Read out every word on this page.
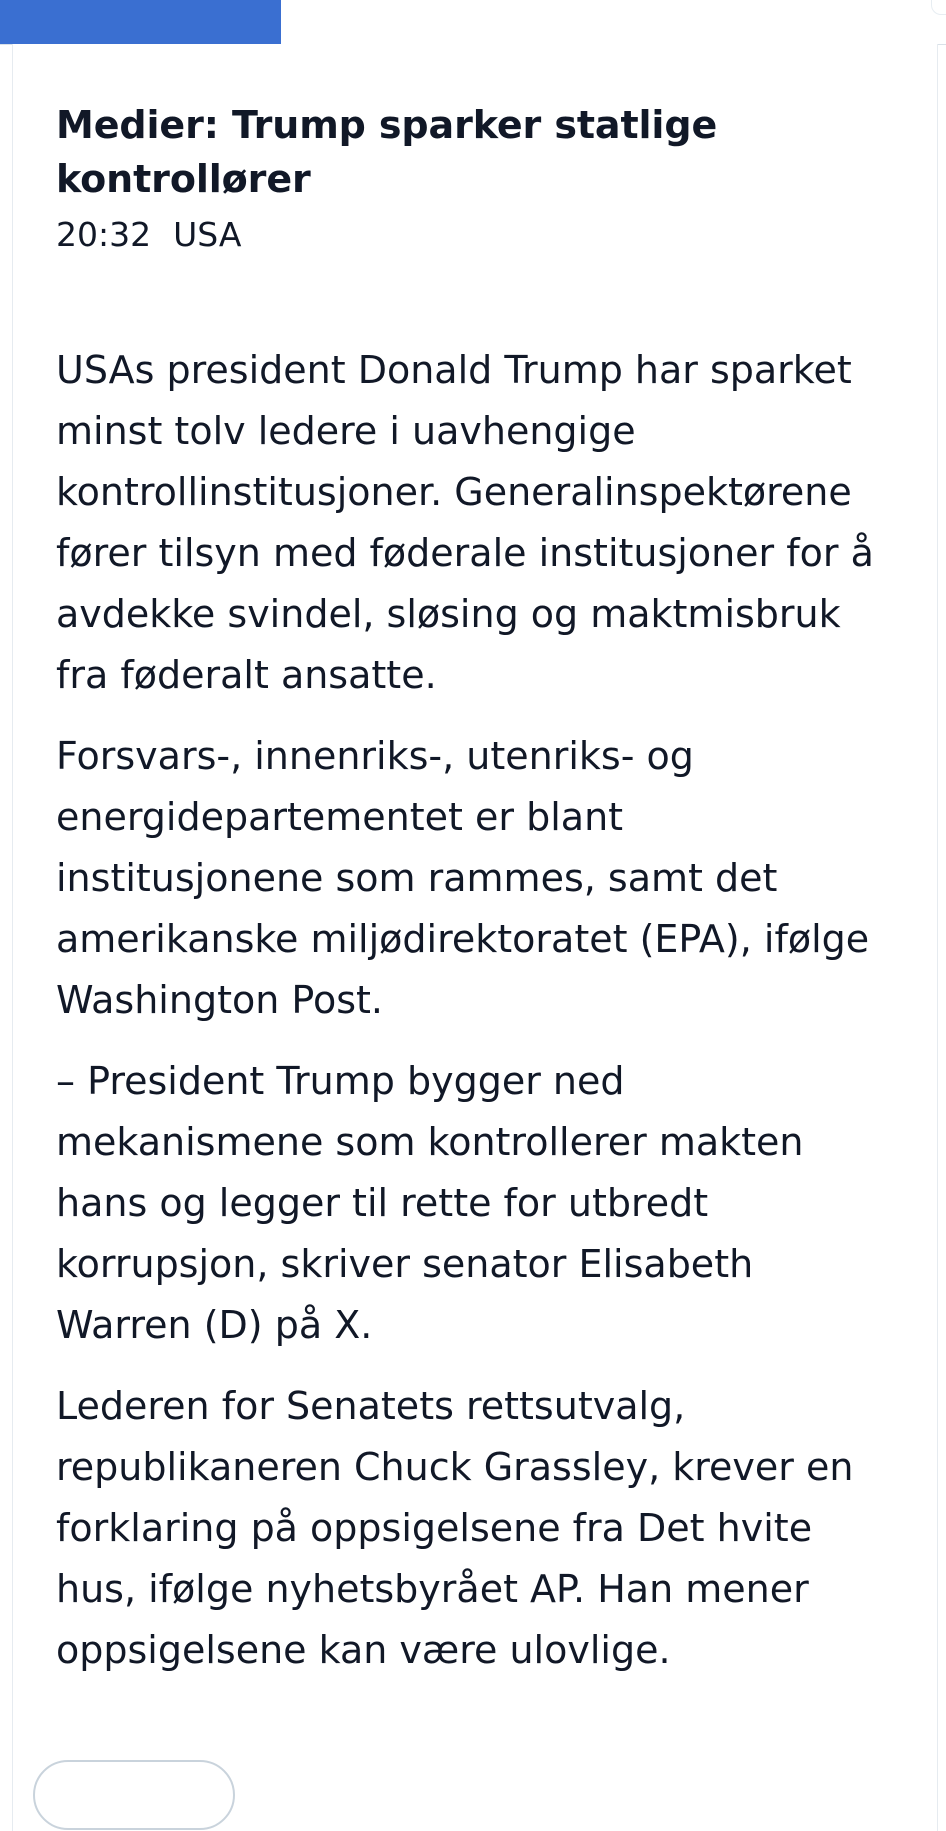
Medier: Trump sparker statlige kontrollører
20:32 USA

USAs president Donald Trump har sparket minst tolv ledere i uavhengige kontrollinstitusjoner. Generalinspektørene fører tilsyn med føderale institusjoner for å avdekke svindel, sløsing og maktmisbruk fra føderalt ansatte.

Forsvars-, innenriks-, utenriks- og energidepartementet er blant institusjonene som rammes, samt det amerikanske miljødirektoratet (EPA), ifølge Washington Post.

– President Trump bygger ned mekanismene som kontrollerer makten hans og legger til rette for utbredt korrupsjon, skriver senator Elisabeth Warren (D) på X.

Lederen for Senatets rettsutvalg, republikaneren Chuck Grassley, krever en forklaring på oppsigelsene fra Det hvite hus, ifølge nyhetsbyrået AP. Han mener oppsigelsene kan være ulovlige.
